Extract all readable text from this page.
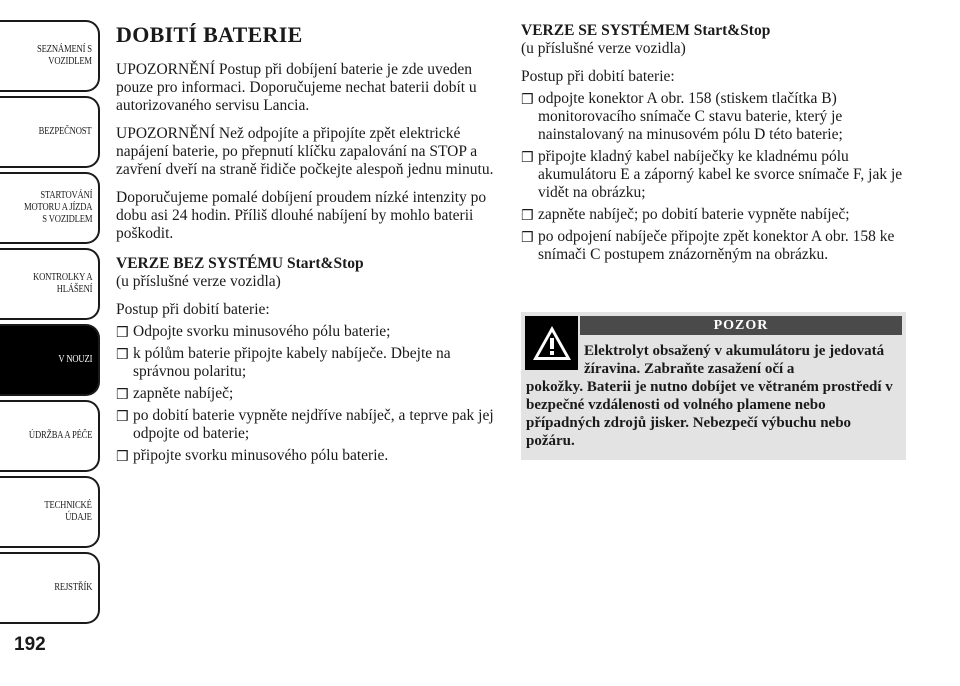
SEZNÁMENÍ S
VOZIDLEM
BEZPEČNOST
STARTOVÁNÍ
MOTORU A JÍZDA
S VOZIDLEM
KONTROLKY A
HLÁŠENÍ
V NOUZI
ÚDRŽBA A PÉČE
TECHNICKÉ
ÚDAJE
REJSTŘÍK
192
DOBITÍ BATERIE

UPOZORNĚNÍ Postup při dobíjení baterie je zde uveden pouze pro informaci. Doporučujeme nechat baterii dobít u autorizovaného servisu Lancia.

UPOZORNĚNÍ Než odpojíte a připojíte zpět elektrické napájení baterie, po přepnutí klíčku zapalování na STOP a zavření dveří na straně řidiče počkejte alespoň jednu minutu.

Doporučujeme pomalé dobíjení proudem nízké intenzity po dobu asi 24 hodin. Příliš dlouhé nabíjení by mohlo baterii poškodit.

VERZE BEZ SYSTÉMU Start&Stop

(u příslušné verze vozidla)

Postup při dobití baterie:

❒ Odpojte svorku minusového pólu baterie;
❒ k pólům baterie připojte kabely nabíječe. Dbejte na správnou polaritu;
❒ zapněte nabíječ;
❒ po dobití baterie vypněte nejdříve nabíječ, a teprve pak jej odpojte od baterie;
❒ připojte svorku minusového pólu baterie.

VERZE SE SYSTÉMEM Start&Stop

(u příslušné verze vozidla)

Postup při dobití baterie:

❒ odpojte konektor A obr. 158 (stiskem tlačítka B) monitorovacího snímače C stavu baterie, který je nainstalovaný na minusovém pólu D této baterie;
❒ připojte kladný kabel nabíječky ke kladnému pólu akumulátoru E a záporný kabel ke svorce snímače F, jak je vidět na obrázku;
❒ zapněte nabíječ; po dobití baterie vypněte nabíječ;
❒ po odpojení nabíječe připojte zpět konektor A obr. 158 ke snímači C postupem znázorněným na obrázku.
POZOR
Elektrolyt obsažený v akumulátoru je jedovatá žíravina. Zabraňte zasažení očí a
pokožky. Baterii je nutno dobíjet ve větraném prostředí v bezpečné vzdálenosti od volného plamene nebo případných zdrojů jisker. Nebezpečí výbuchu nebo požáru.
